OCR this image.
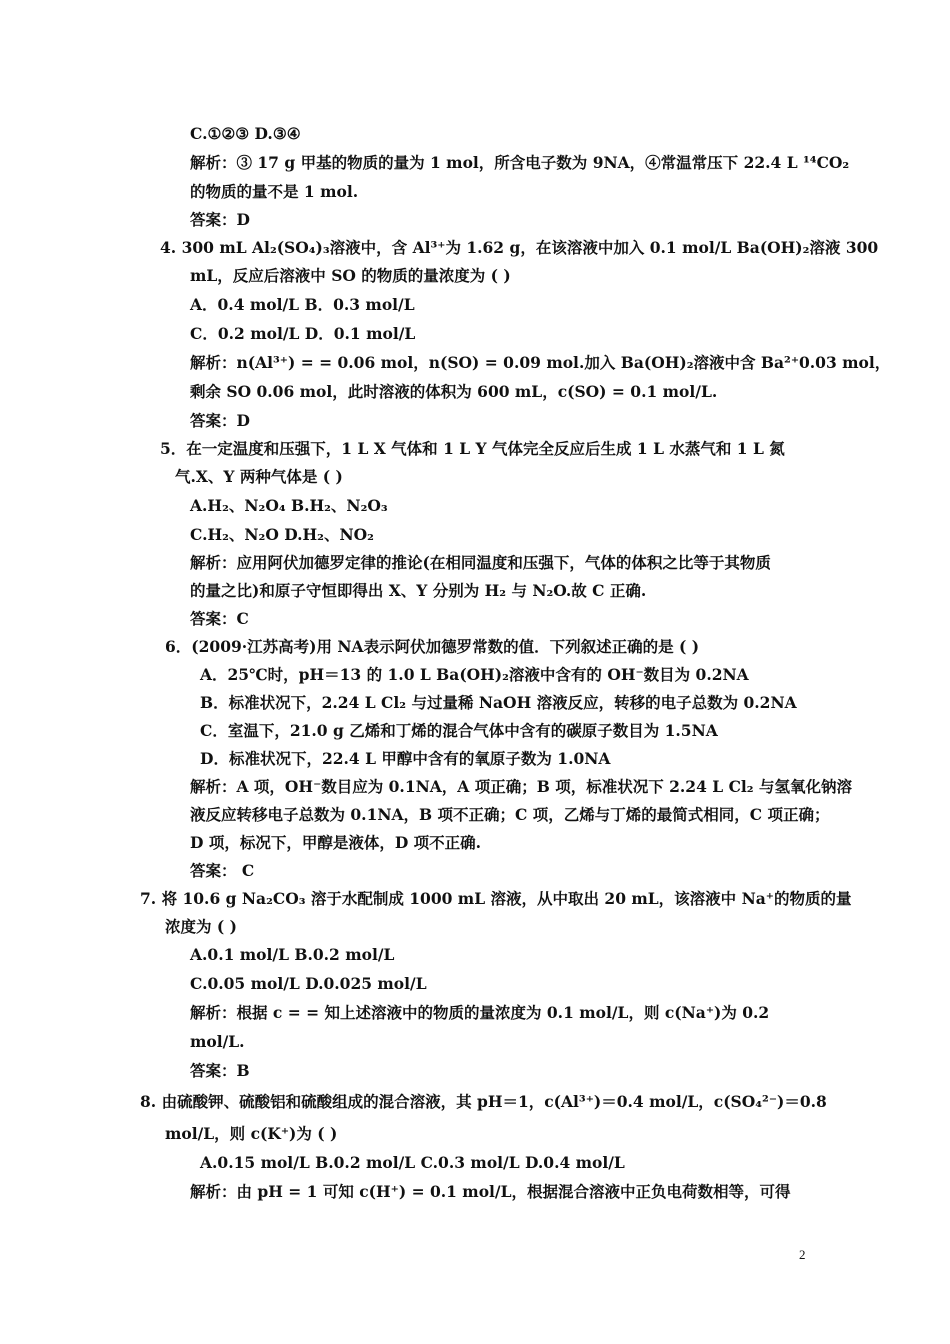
C.①②③ D.③④
解析：③ 17 g 甲基的物质的量为 1 mol，所含电子数为 9NA，④常温常压下 22.4 L ¹⁴CO₂
的物质的量不是 1 mol.
答案：D
4. 300 mL Al₂(SO₄)₃溶液中，含 Al³⁺为 1.62 g，在该溶液中加入 0.1 mol/L Ba(OH)₂溶液 300
mL，反应后溶液中 SO 的物质的量浓度为 ( )
A．0.4 mol/L B．0.3 mol/L
C．0.2 mol/L D．0.1 mol/L
解析：n(Al³⁺) = = 0.06 mol，n(SO) = 0.09 mol.加入 Ba(OH)₂溶液中含 Ba²⁺0.03 mol，
剩余 SO 0.06 mol，此时溶液的体积为 600 mL，c(SO) = 0.1 mol/L.
答案：D
5．在一定温度和压强下，1 L X 气体和 1 L Y 气体完全反应后生成 1 L 水蒸气和 1 L 氮
气.X、Y 两种气体是 ( )
A.H₂、N₂O₄ B.H₂、N₂O₃
C.H₂、N₂O D.H₂、NO₂
解析：应用阿伏加德罗定律的推论(在相同温度和压强下，气体的体积之比等于其物质
的量之比)和原子守恒即得出 X、Y 分别为 H₂ 与 N₂O.故 C 正确.
答案：C
6．(2009·江苏高考)用 NA表示阿伏加德罗常数的值．下列叙述正确的是 ( )
A．25℃时，pH＝13 的 1.0 L Ba(OH)₂溶液中含有的 OH⁻数目为 0.2NA
B．标准状况下，2.24 L Cl₂ 与过量稀 NaOH 溶液反应，转移的电子总数为 0.2NA
C．室温下，21.0 g 乙烯和丁烯的混合气体中含有的碳原子数目为 1.5NA
D．标准状况下，22.4 L 甲醇中含有的氧原子数为 1.0NA
解析：A 项，OH⁻数目应为 0.1NA，A 项正确；B 项，标准状况下 2.24 L Cl₂ 与氢氧化钠溶
液反应转移电子总数为 0.1NA，B 项不正确；C 项，乙烯与丁烯的最简式相同，C 项正确；
D 项，标况下，甲醇是液体，D 项不正确.
答案： C
7. 将 10.6 g Na₂CO₃ 溶于水配制成 1000 mL 溶液，从中取出 20 mL，该溶液中 Na⁺的物质的量
浓度为 ( )
A.0.1 mol/L B.0.2 mol/L
C.0.05 mol/L D.0.025 mol/L
解析：根据 c = = 知上述溶液中的物质的量浓度为 0.1 mol/L，则 c(Na⁺)为 0.2
mol/L.
答案：B
8. 由硫酸钾、硫酸铝和硫酸组成的混合溶液，其 pH＝1，c(Al³⁺)＝0.4 mol/L，c(SO₄²⁻)＝0.8
mol/L，则 c(K⁺)为 ( )
A.0.15 mol/L B.0.2 mol/L C.0.3 mol/L D.0.4 mol/L
解析：由 pH = 1 可知 c(H⁺) = 0.1 mol/L，根据混合溶液中正负电荷数相等，可得
2
